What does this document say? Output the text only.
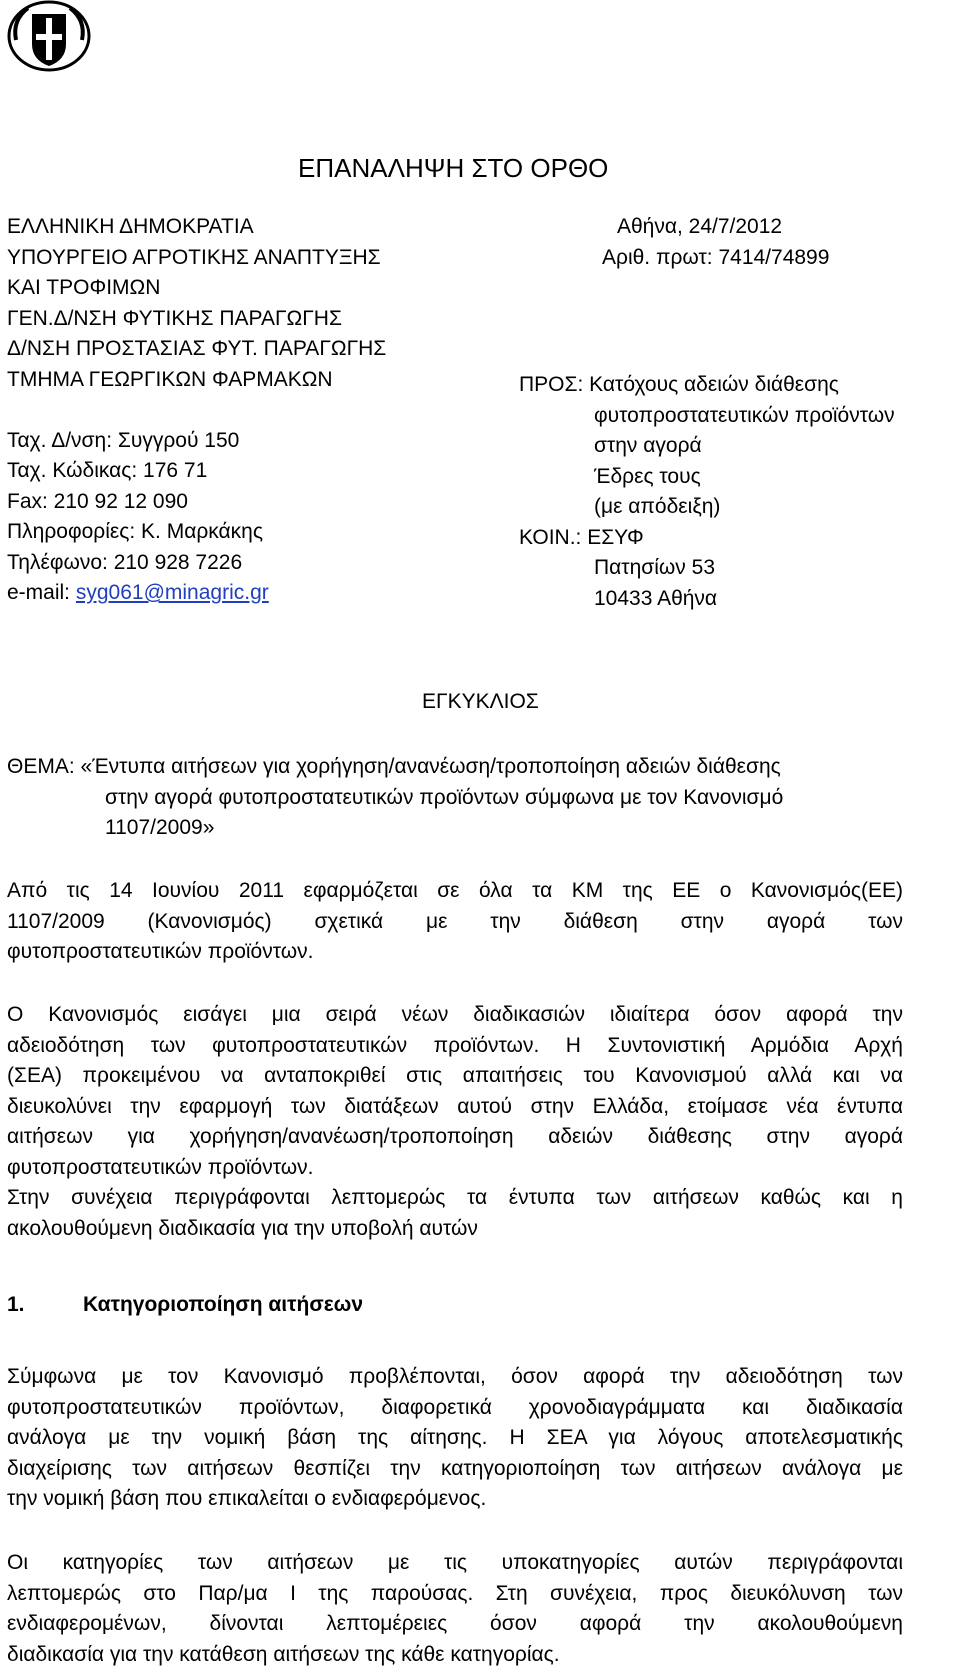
ΕΠΑΝΑΛΗΨΗ ΣΤΟ ΟΡΘΟ
ΕΛΛΗΝΙΚΗ ΔΗΜΟΚΡΑΤΙΑ
ΥΠΟΥΡΓΕΙΟ ΑΓΡΟΤΙΚΗΣ ΑΝΑΠΤΥΞΗΣ
ΚΑΙ ΤΡΟΦΙΜΩΝ
ΓΕΝ.Δ/ΝΣΗ ΦΥΤΙΚΗΣ ΠΑΡΑΓΩΓΗΣ
Δ/ΝΣΗ ΠΡΟΣΤΑΣΙΑΣ ΦΥΤ. ΠΑΡΑΓΩΓΗΣ
ΤΜΗΜΑ ΓΕΩΡΓΙΚΩΝ ΦΑΡΜΑΚΩΝ
Ταχ. Δ/νση: Συγγρού 150
Ταχ. Κώδικας: 176 71
Fax: 210 92 12 090
Πληροφορίες: Κ. Μαρκάκης
Τηλέφωνο: 210 928 7226
e-mail: syg061@minagric.gr
Αθήνα, 24/7/2012
Αριθ. πρωτ: 7414/74899
ΠΡΟΣ: Κατόχους αδειών διάθεσης
φυτοπροστατευτικών προϊόντων
στην αγορά
Έδρες τους
(με απόδειξη)
ΚΟΙΝ.: ΕΣΥΦ
Πατησίων 53
10433 Αθήνα
ΕΓΚΥΚΛΙΟΣ
ΘΕΜΑ: «Έντυπα αιτήσεων για χορήγηση/ανανέωση/τροποποίηση αδειών διάθεσης
στην αγορά φυτοπροστατευτικών προϊόντων σύμφωνα με τον Κανονισμό
1107/2009»
Από τις 14 Ιουνίου 2011 εφαρμόζεται σε όλα τα ΚΜ της ΕΕ ο Κανονισμός(ΕΕ)
1107/2009 (Κανονισμός) σχετικά με την διάθεση στην αγορά των
φυτοπροστατευτικών προϊόντων.
Ο Κανονισμός εισάγει μια σειρά νέων διαδικασιών ιδιαίτερα όσον αφορά την
αδειοδότηση των φυτοπροστατευτικών προϊόντων. Η Συντονιστική Αρμόδια Αρχή
(ΣΕΑ) προκειμένου να ανταποκριθεί στις απαιτήσεις του Κανονισμού αλλά και να
διευκολύνει την εφαρμογή των διατάξεων αυτού στην Ελλάδα, ετοίμασε νέα έντυπα
αιτήσεων για χορήγηση/ανανέωση/τροποποίηση αδειών διάθεσης στην αγορά
φυτοπροστατευτικών προϊόντων.
Στην συνέχεια περιγράφονται λεπτομερώς τα έντυπα των αιτήσεων καθώς και η
ακολουθούμενη διαδικασία για την υποβολή αυτών
1.	Κατηγοριοποίηση αιτήσεων
Σύμφωνα με τον Κανονισμό προβλέπονται, όσον αφορά την αδειοδότηση των
φυτοπροστατευτικών προϊόντων, διαφορετικά χρονοδιαγράμματα και διαδικασία
ανάλογα με την νομική βάση της αίτησης. Η ΣΕΑ για λόγους αποτελεσματικής
διαχείρισης των αιτήσεων θεσπίζει την κατηγοριοποίηση των αιτήσεων ανάλογα με
την νομική βάση που επικαλείται ο ενδιαφερόμενος.
Οι κατηγορίες των αιτήσεων με τις υποκατηγορίες αυτών περιγράφονται
λεπτομερώς στο Παρ/μα Ι της παρούσας. Στη συνέχεια, προς διευκόλυνση των
ενδιαφερομένων, δίνονται λεπτομέρειες όσον αφορά την ακολουθούμενη
διαδικασία για την κατάθεση αιτήσεων της κάθε κατηγορίας.
